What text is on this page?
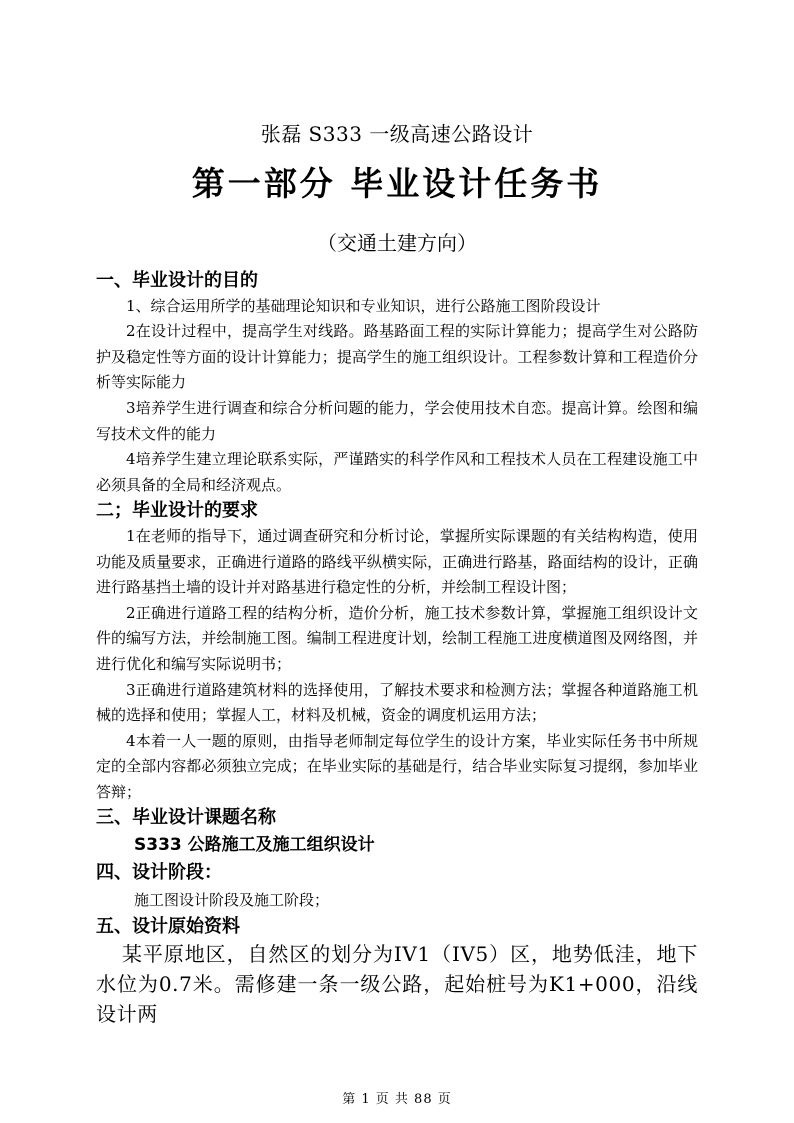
张磊 S333 一级高速公路设计
第一部分 毕业设计任务书
（交通土建方向）

一、毕业设计的目的

1、综合运用所学的基础理论知识和专业知识，进行公路施工图阶段设计

2在设计过程中，提高学生对线路。路基路面工程的实际计算能力；提高学生对公路防护及稳定性等方面的设计计算能力；提高学生的施工组织设计。工程参数计算和工程造价分析等实际能力

3培养学生进行调查和综合分析问题的能力，学会使用技术自恋。提高计算。绘图和编写技术文件的能力

4培养学生建立理论联系实际，严谨踏实的科学作风和工程技术人员在工程建设施工中必须具备的全局和经济观点。

二；毕业设计的要求

1在老师的指导下，通过调查研究和分析讨论，掌握所实际课题的有关结构构造，使用功能及质量要求，正确进行道路的路线平纵横实际，正确进行路基，路面结构的设计，正确进行路基挡土墙的设计并对路基进行稳定性的分析，并绘制工程设计图；

2正确进行道路工程的结构分析，造价分析，施工技术参数计算，掌握施工组织设计文件的编写方法，并绘制施工图。编制工程进度计划，绘制工程施工进度横道图及网络图，并进行优化和编写实际说明书；

3正确进行道路建筑材料的选择使用，了解技术要求和检测方法；掌握各种道路施工机械的选择和使用；掌握人工，材料及机械，资金的调度机运用方法；

4本着一人一题的原则，由指导老师制定每位学生的设计方案，毕业实际任务书中所规定的全部内容都必须独立完成；在毕业实际的基础是行，结合毕业实际复习提纲，参加毕业答辩；

三、毕业设计课题名称

S333 公路施工及施工组织设计

四、设计阶段：

施工图设计阶段及施工阶段；

五、设计原始资料

某平原地区，自然区的划分为IV1（IV5）区，地势低洼，地下水位为0.7米。需修建一条一级公路，起始桩号为K1+000，沿线设计两

第 1 页 共 88 页
